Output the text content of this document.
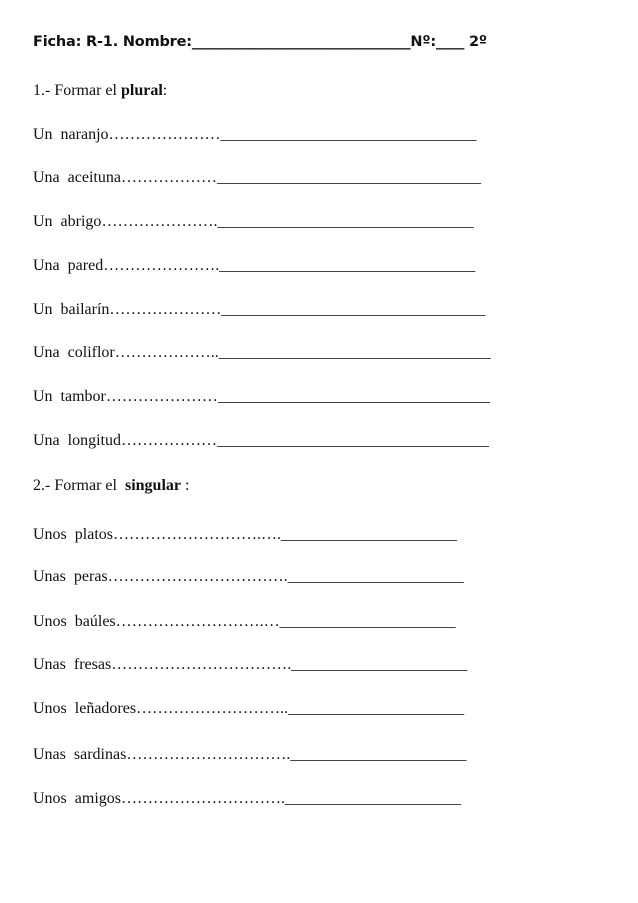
Ficha: R-1. Nombre:_______________________________Nº:____ 2º
1.- Formar el plural:
Un  naranjo…………………________________________________
Una  aceituna………………_________________________________
Un  abrigo………………….________________________________
Una  pared………………….________________________________
Un  bailarín…………………_________________________________
Una  coliflor………………..__________________________________
Un  tambor…………………__________________________________
Una  longitud………………__________________________________
2.- Formar el  singular :
Unos  platos……………………….….______________________
Unas  peras…………………………….______________________
Unos  baúles……………………….…______________________
Unas  fresas…………………………….______________________
Unos  leñadores………………………..______________________
Unas  sardinas………………………….______________________
Unos  amigos………………………….______________________
